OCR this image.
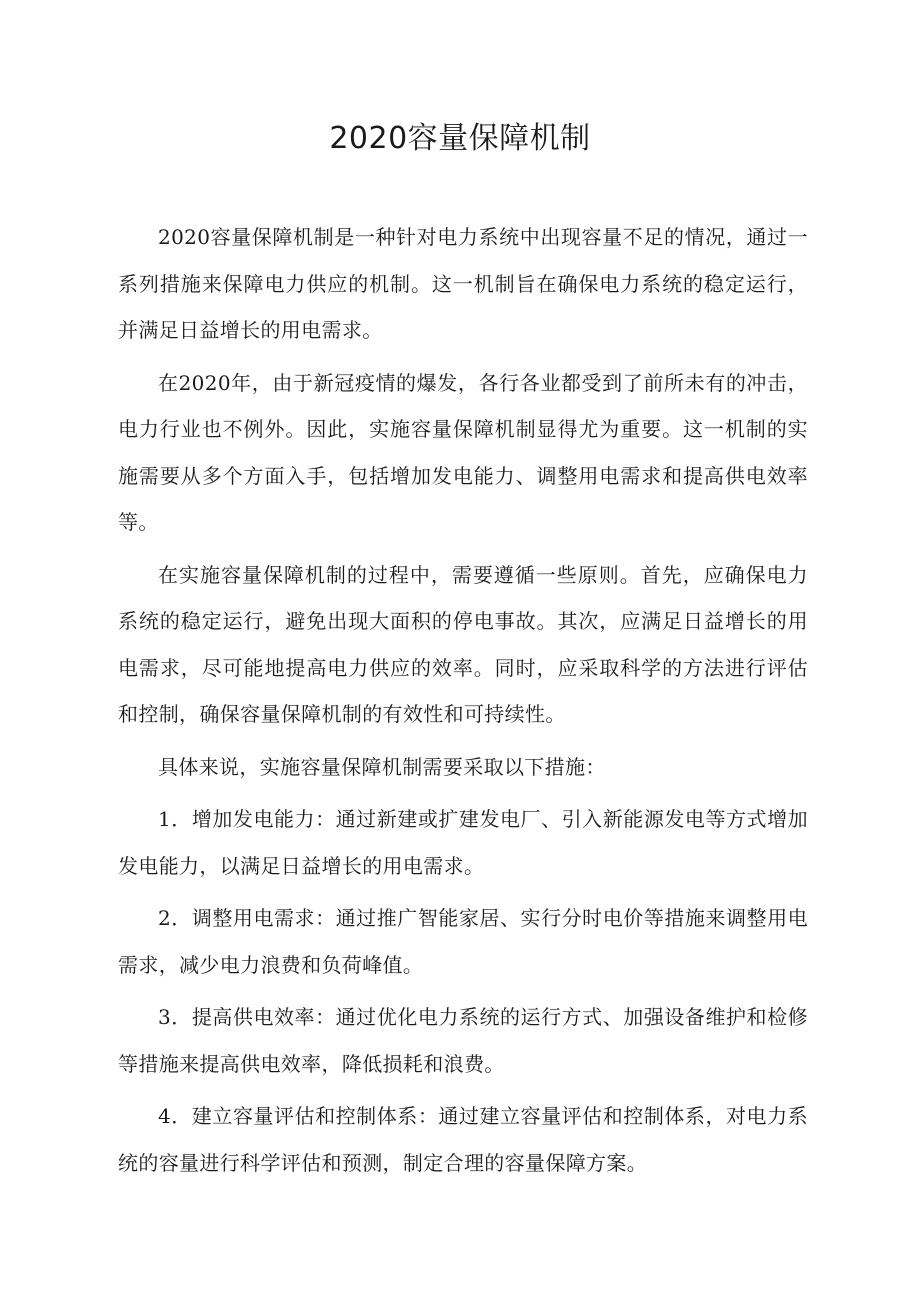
2020容量保障机制

2020容量保障机制是一种针对电力系统中出现容量不足的情况，通过一系列措施来保障电力供应的机制。这一机制旨在确保电力系统的稳定运行，并满足日益增长的用电需求。

在2020年，由于新冠疫情的爆发，各行各业都受到了前所未有的冲击，电力行业也不例外。因此，实施容量保障机制显得尤为重要。这一机制的实施需要从多个方面入手，包括增加发电能力、调整用电需求和提高供电效率等。

在实施容量保障机制的过程中，需要遵循一些原则。首先，应确保电力系统的稳定运行，避免出现大面积的停电事故。其次，应满足日益增长的用电需求，尽可能地提高电力供应的效率。同时，应采取科学的方法进行评估和控制，确保容量保障机制的有效性和可持续性。

具体来说，实施容量保障机制需要采取以下措施：

1．增加发电能力：通过新建或扩建发电厂、引入新能源发电等方式增加发电能力，以满足日益增长的用电需求。

2．调整用电需求：通过推广智能家居、实行分时电价等措施来调整用电需求，减少电力浪费和负荷峰值。

3．提高供电效率：通过优化电力系统的运行方式、加强设备维护和检修等措施来提高供电效率，降低损耗和浪费。

4．建立容量评估和控制体系：通过建立容量评估和控制体系，对电力系统的容量进行科学评估和预测，制定合理的容量保障方案。
